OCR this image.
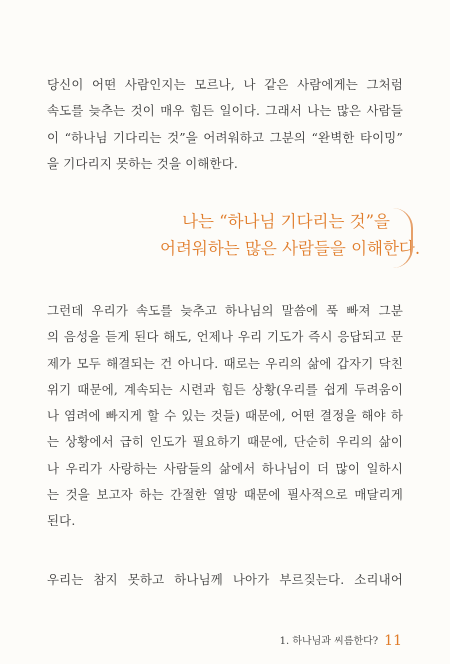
당신이 어떤 사람인지는 모르나, 나 같은 사람에게는 그처럼
속도를 늦추는 것이 매우 힘든 일이다. 그래서 나는 많은 사람들
이 “하나님 기다리는 것”을 어려워하고 그분의 “완벽한 타이밍”
을 기다리지 못하는 것을 이해한다.
나는 “하나님 기다리는 것”을
어려워하는 많은 사람들을 이해한다.
그런데 우리가 속도를 늦추고 하나님의 말씀에 푹 빠져 그분
의 음성을 듣게 된다 해도, 언제나 우리 기도가 즉시 응답되고 문
제가 모두 해결되는 건 아니다. 때로는 우리의 삶에 갑자기 닥친
위기 때문에, 계속되는 시련과 힘든 상황(우리를 쉽게 두려움이
나 염려에 빠지게 할 수 있는 것들) 때문에, 어떤 결정을 해야 하
는 상황에서 급히 인도가 필요하기 때문에, 단순히 우리의 삶이
나 우리가 사랑하는 사람들의 삶에서 하나님이 더 많이 일하시
는 것을 보고자 하는 간절한 열망 때문에 필사적으로 매달리게
된다.
우리는 참지 못하고 하나님께 나아가 부르짖는다. 소리내어
1. 하나님과 씨름한다? 11
